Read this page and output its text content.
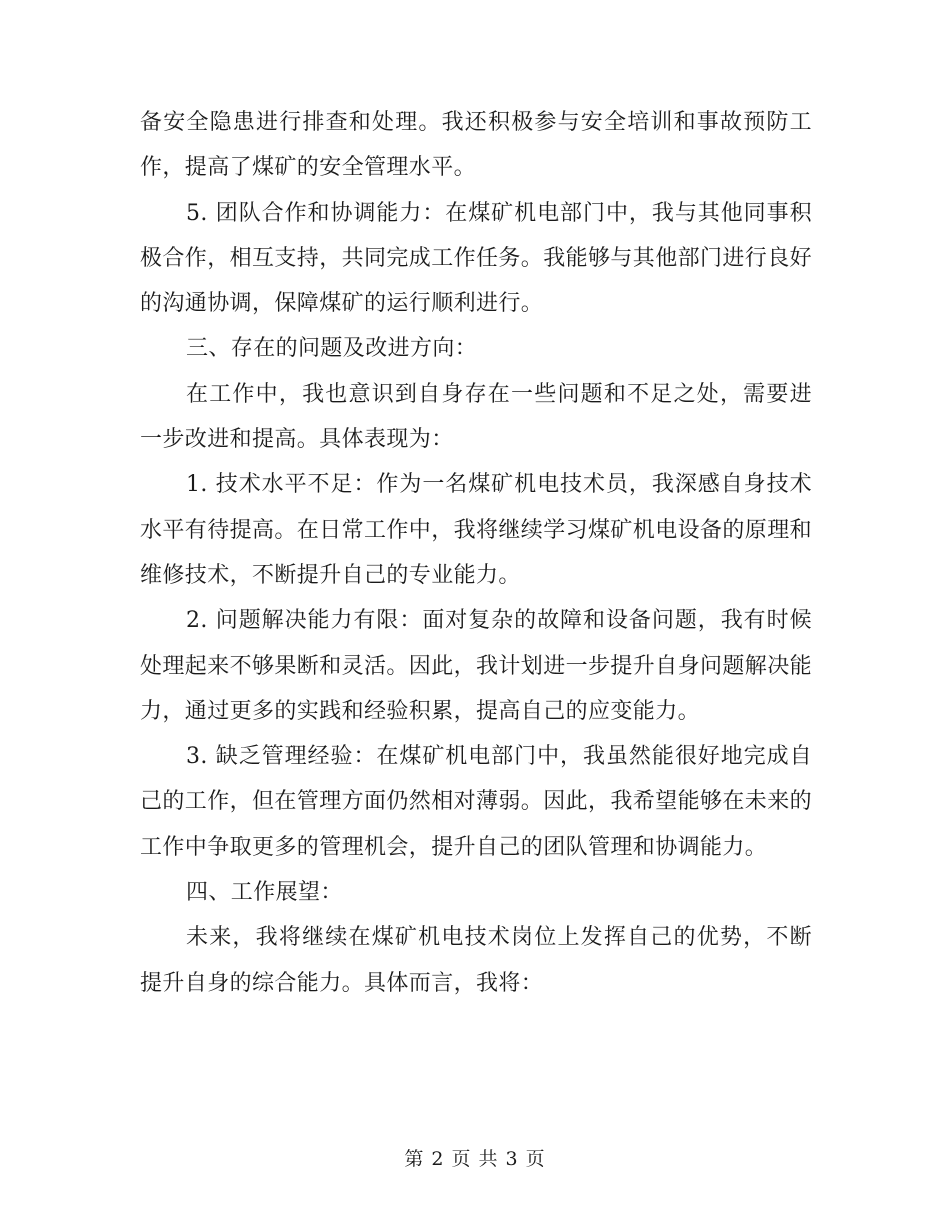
备安全隐患进行排查和处理。我还积极参与安全培训和事故预防工作，提高了煤矿的安全管理水平。

5. 团队合作和协调能力：在煤矿机电部门中，我与其他同事积极合作，相互支持，共同完成工作任务。我能够与其他部门进行良好的沟通协调，保障煤矿的运行顺利进行。

三、存在的问题及改进方向：

在工作中，我也意识到自身存在一些问题和不足之处，需要进一步改进和提高。具体表现为：

1. 技术水平不足：作为一名煤矿机电技术员，我深感自身技术水平有待提高。在日常工作中，我将继续学习煤矿机电设备的原理和维修技术，不断提升自己的专业能力。

2. 问题解决能力有限：面对复杂的故障和设备问题，我有时候处理起来不够果断和灵活。因此，我计划进一步提升自身问题解决能力，通过更多的实践和经验积累，提高自己的应变能力。

3. 缺乏管理经验：在煤矿机电部门中，我虽然能很好地完成自己的工作，但在管理方面仍然相对薄弱。因此，我希望能够在未来的工作中争取更多的管理机会，提升自己的团队管理和协调能力。

四、工作展望：

未来，我将继续在煤矿机电技术岗位上发挥自己的优势，不断提升自身的综合能力。具体而言，我将：

第 2 页 共 3 页
